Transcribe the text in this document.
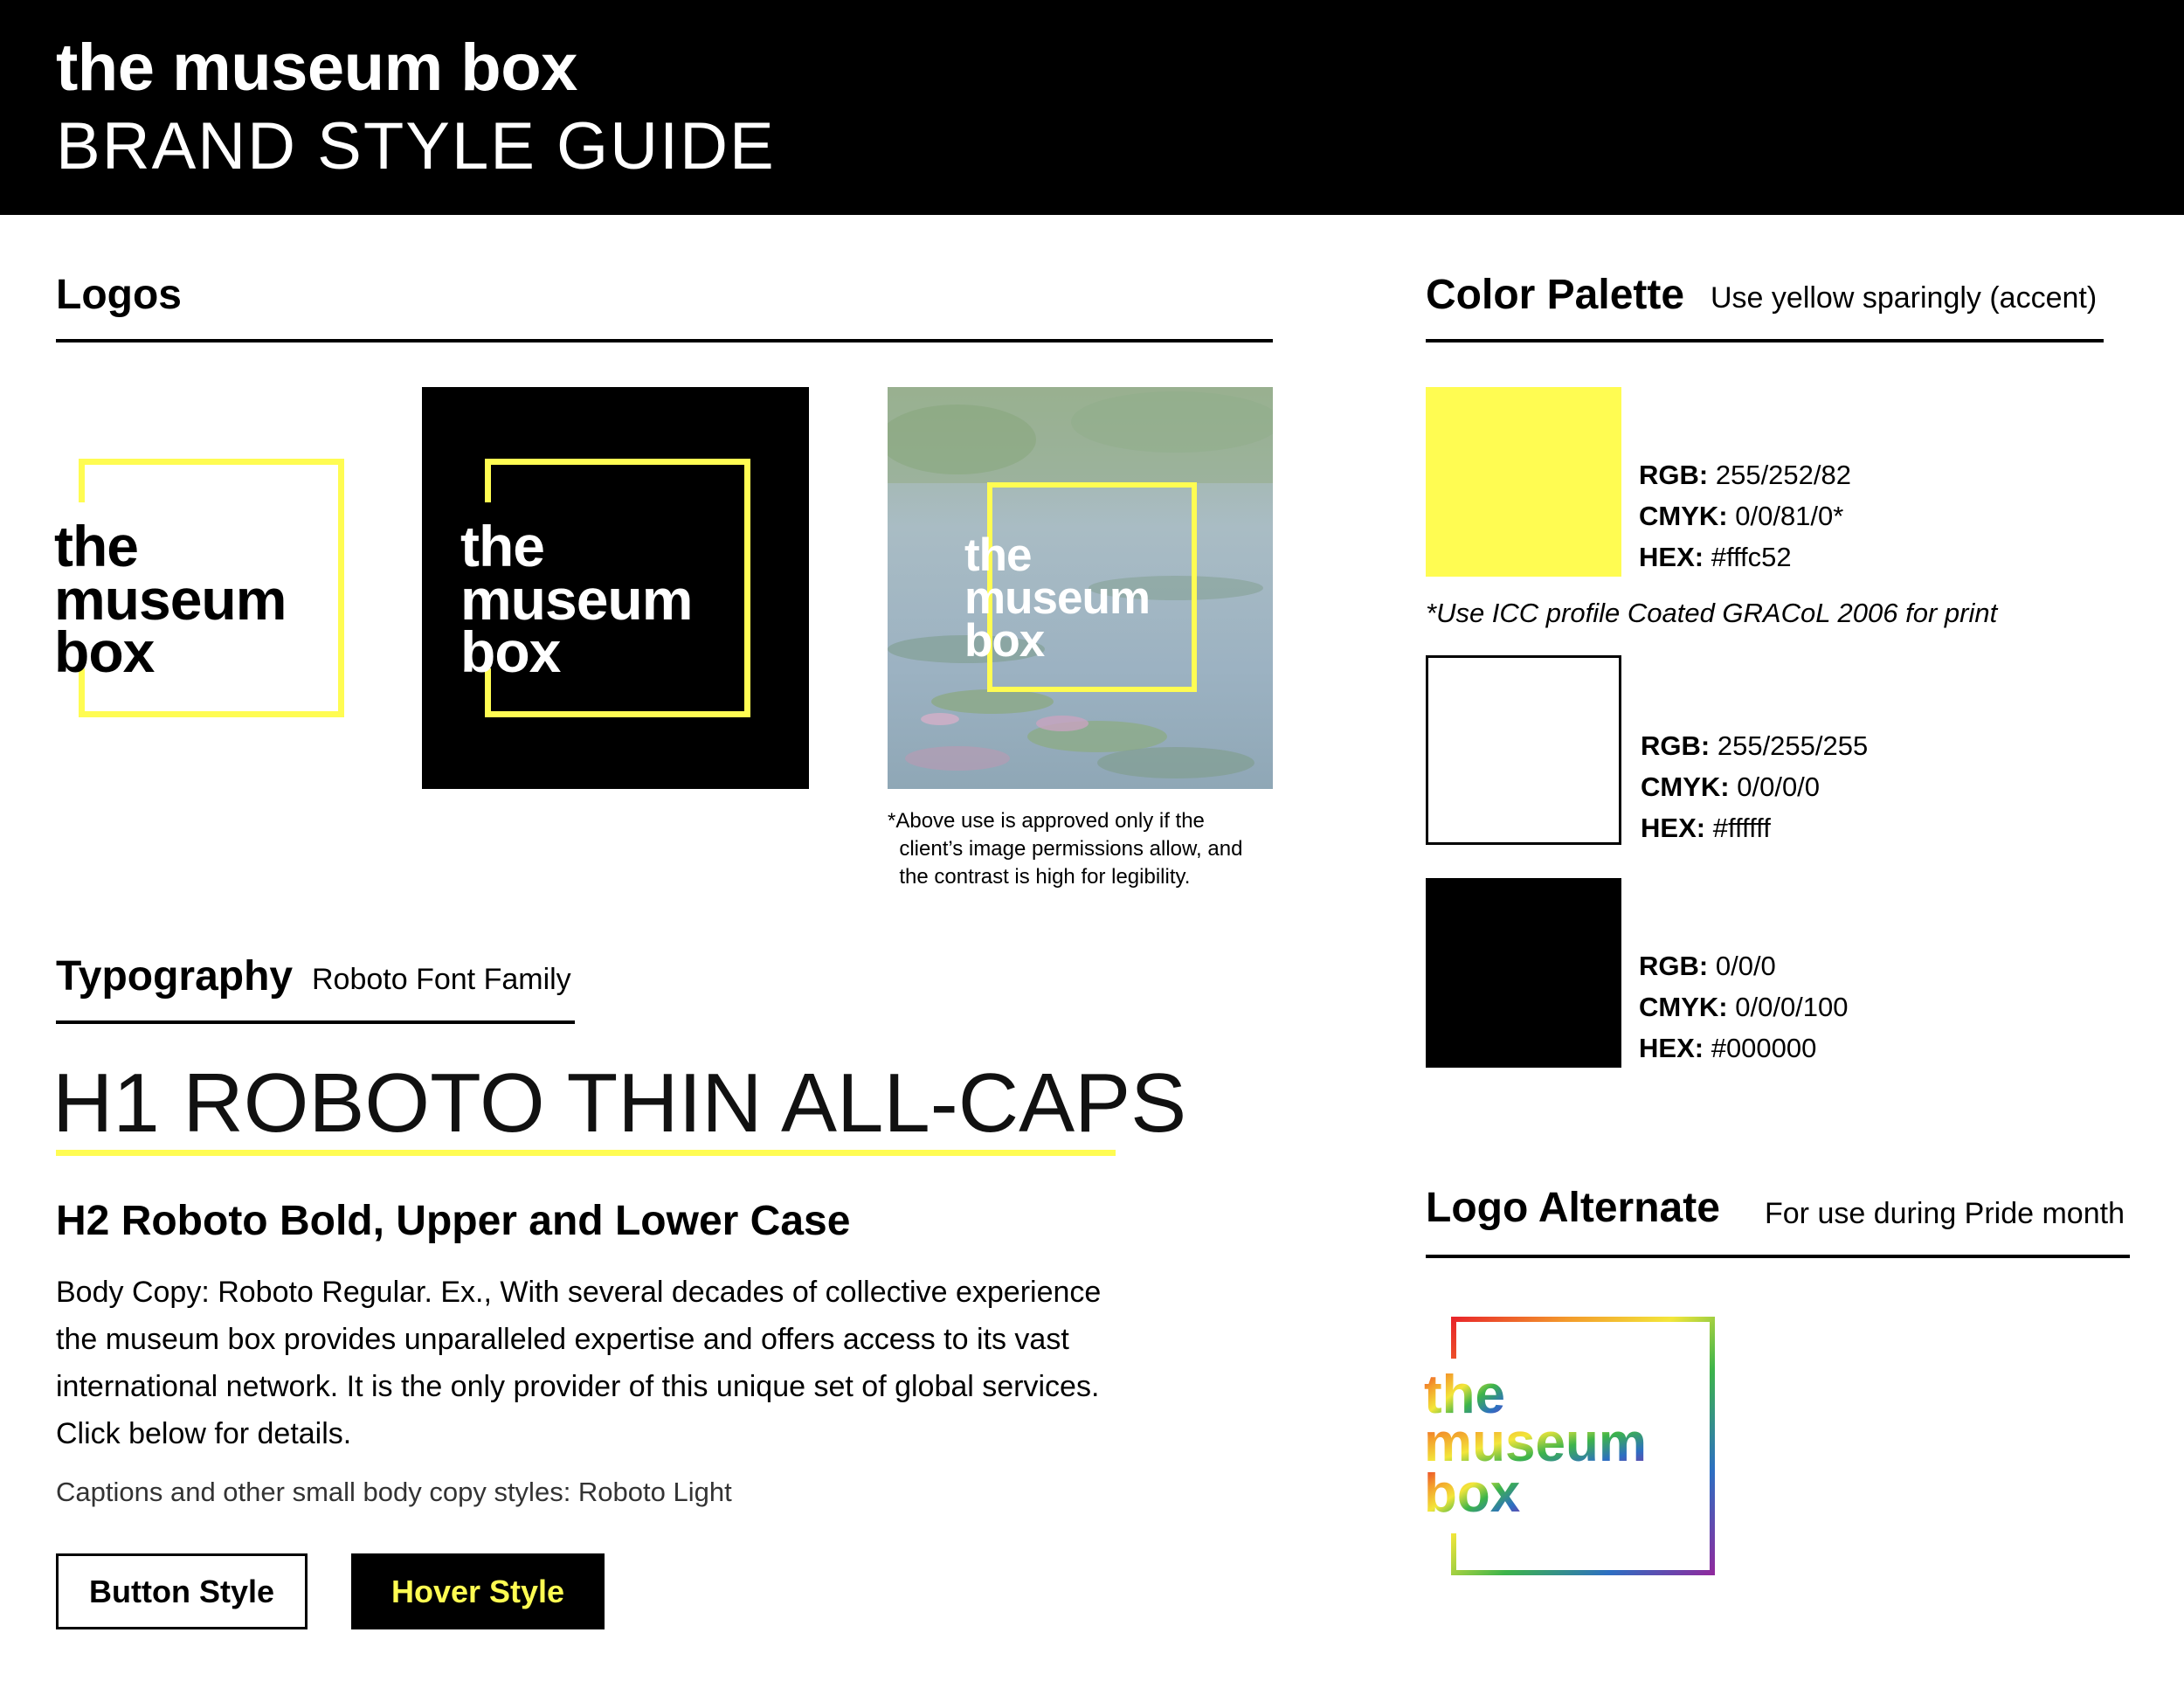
the museum box
BRAND STYLE GUIDE
Logos
the
museum
box
the
museum
box
the
museum
box
*Above use is approved only if the
client’s image permissions allow, and
the contrast is high for legibility.
Color Palette Use yellow sparingly (accent)
RGB: 255/252/82
CMYK: 0/0/81/0*
HEX: #fffc52
*Use ICC profile Coated GRACoL 2006 for print
RGB: 255/255/255
CMYK: 0/0/0/0
HEX: #ffffff
RGB: 0/0/0
CMYK: 0/0/0/100
HEX: #000000
Typography Roboto Font Family
H1 ROBOTO THIN ALL-CAPS
H2 Roboto Bold, Upper and Lower Case
Body Copy: Roboto Regular. Ex., With several decades of collective experience
the museum box provides unparalleled expertise and offers access to its vast
international network. It is the only provider of this unique set of global services.
Click below for details.
Captions and other small body copy styles: Roboto Light
Button Style	Hover Style
Logo Alternate For use during Pride month
the
museum
box
